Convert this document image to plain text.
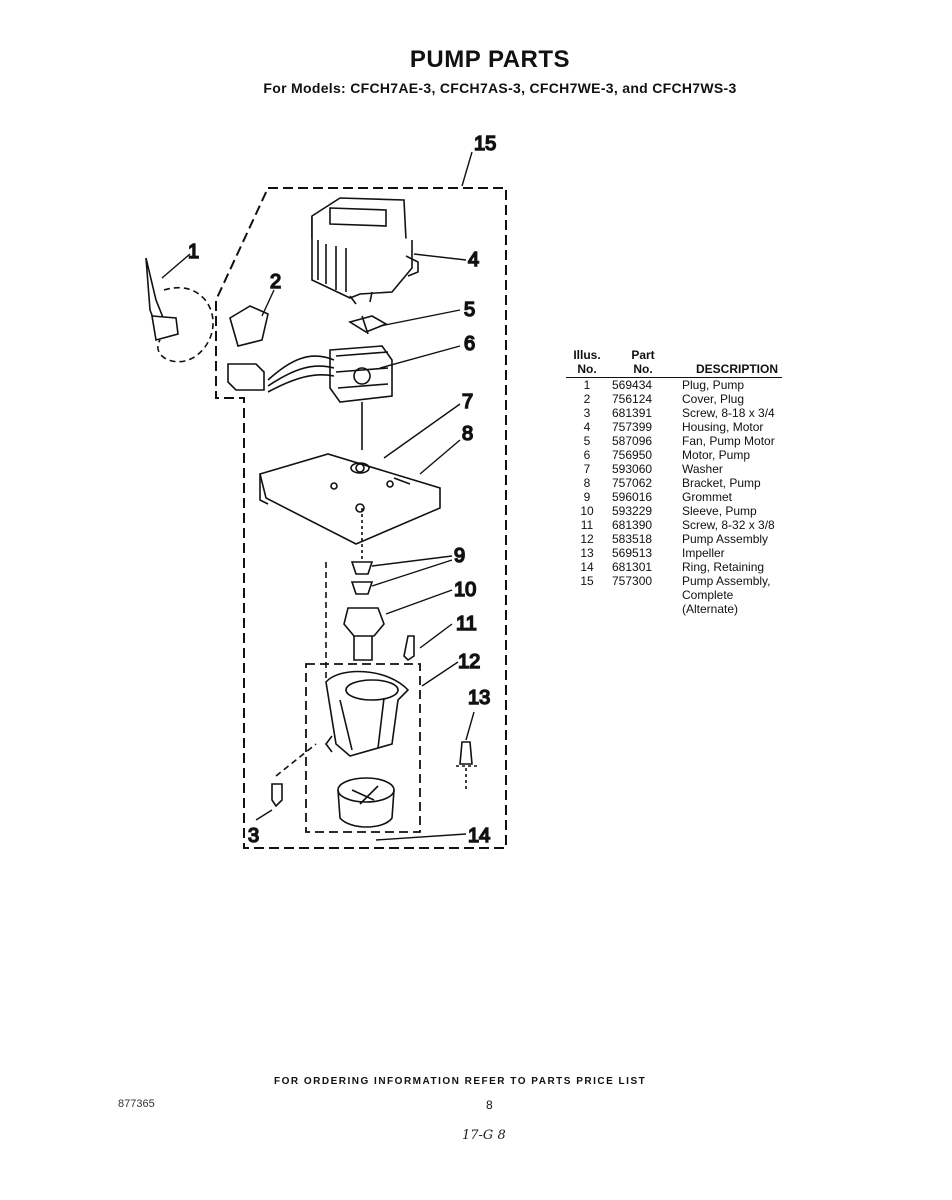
PUMP PARTS
For Models: CFCH7AE-3, CFCH7AS-3, CFCH7WE-3, and CFCH7WS-3
15
1
2
4
5
6
7
8
9
10
11
12
13
14
3
Illus.	Part	
No.	No.	DESCRIPTION
1	569434	Plug, Pump
2	756124	Cover, Plug
3	681391	Screw, 8-18 x 3/4
4	757399	Housing, Motor
5	587096	Fan, Pump Motor
6	756950	Motor, Pump
7	593060	Washer
8	757062	Bracket, Pump
9	596016	Grommet
10	593229	Sleeve, Pump
11	681390	Screw, 8-32 x 3/8
12	583518	Pump Assembly
13	569513	Impeller
14	681301	Ring, Retaining
15	757300	Pump Assembly,
		Complete
		(Alternate)
FOR ORDERING INFORMATION REFER TO PARTS PRICE LIST
877365	8
17-G 8
